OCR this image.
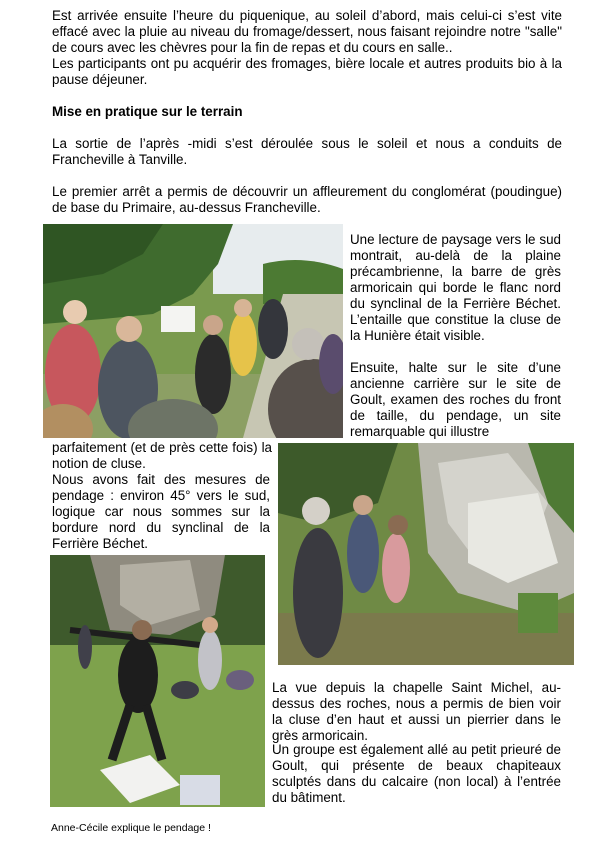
Est arrivée ensuite l’heure du piquenique, au soleil d’abord, mais celui-ci s’est vite effacé avec la pluie au niveau du fromage/dessert, nous faisant rejoindre notre "salle" de cours avec les chèvres pour la fin de repas et du cours en salle..

Les participants ont pu acquérir des fromages, bière locale et autres produits bio à la pause déjeuner.

Mise en pratique sur le terrain

La sortie de l’après -midi s’est déroulée sous le soleil et nous a conduits de Francheville à Tanville.

Le premier arrêt a permis de découvrir un affleurement du conglomérat (poudingue) de base du Primaire, au-dessus Francheville.

Une lecture de paysage vers le sud montrait, au-delà de la plaine précambrienne, la barre de grès armoricain qui borde le flanc nord du synclinal de la Ferrière Béchet. L’entaille que constitue la cluse de la Hunière était visible.

Ensuite, halte sur le site d’une ancienne carrière sur le site de Goult, examen des roches du front de taille, du pendage, un site remarquable qui illustre

parfaitement (et de près cette fois) la notion de cluse.

Nous avons fait des mesures de pendage : environ 45° vers le sud, logique car nous sommes sur la bordure nord du synclinal de la Ferrière Béchet.

Anne-Cécile explique le pendage !

La vue depuis la chapelle Saint Michel, au-dessus des roches, nous a permis de bien voir la cluse d’en haut et aussi un pierrier dans le grès armoricain.

Un groupe est également allé au petit prieuré de Goult, qui présente de beaux chapiteaux sculptés dans du calcaire (non local) à l’entrée du bâtiment.
